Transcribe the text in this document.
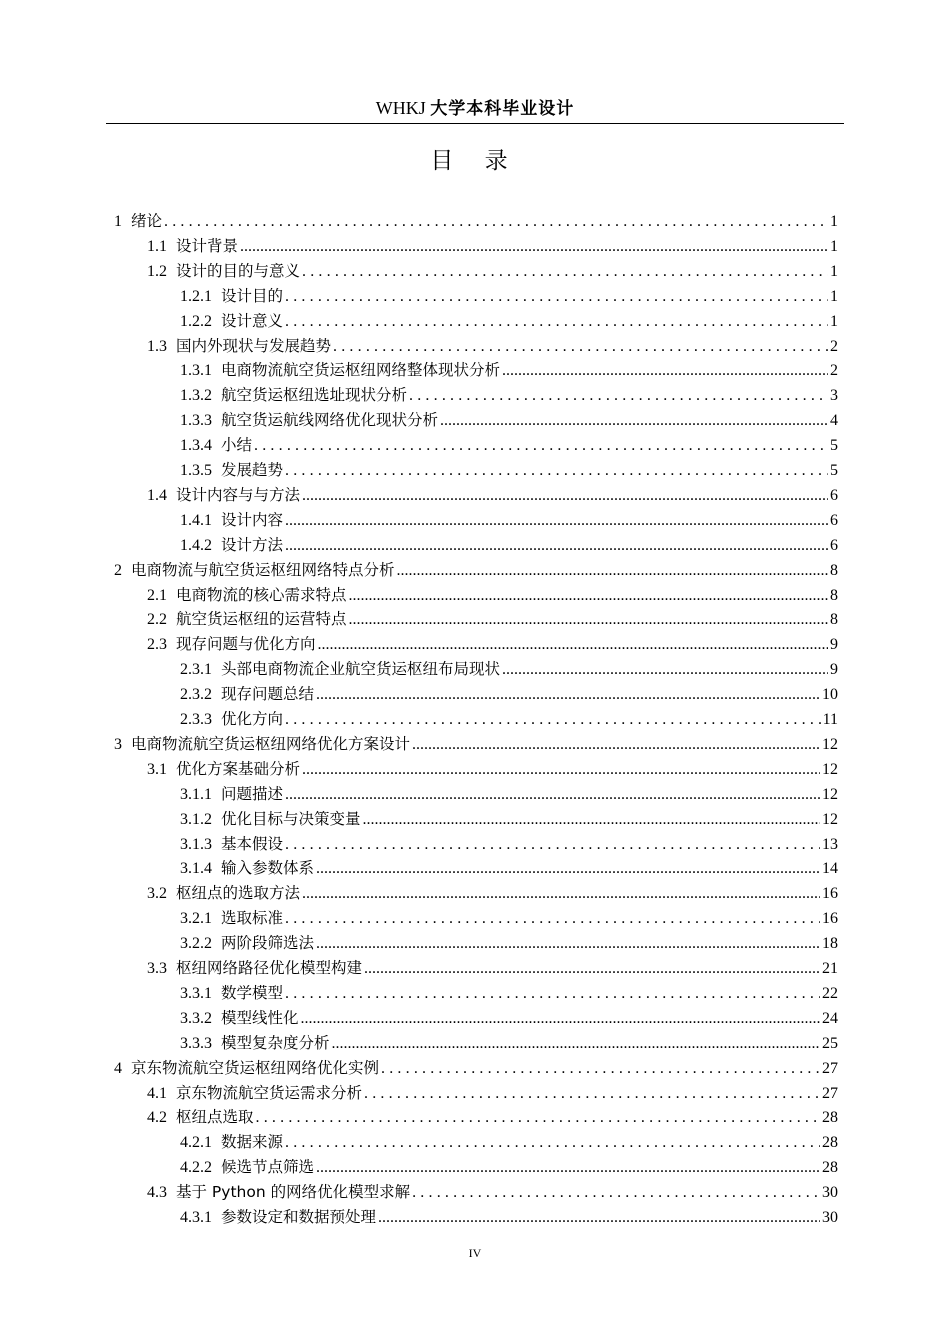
WHKJ 大学本科毕业设计
目 录
1 绪论 .....	1
1.1 设计背景 .....	1
1.2 设计的目的与意义 .....	1
1.2.1 设计目的 .....	1
1.2.2 设计意义 .....	1
1.3 国内外现状与发展趋势 .....	2
1.3.1 电商物流航空货运枢纽网络整体现状分析 .....	2
1.3.2 航空货运枢纽选址现状分析 .....	3
1.3.3 航空货运航线网络优化现状分析 .....	4
1.3.4 小结 .....	5
1.3.5 发展趋势 .....	5
1.4 设计内容与与方法 .....	6
1.4.1 设计内容 .....	6
1.4.2 设计方法 .....	6
2 电商物流与航空货运枢纽网络特点分析 .....	8
2.1 电商物流的核心需求特点 .....	8
2.2 航空货运枢纽的运营特点 .....	8
2.3 现存问题与优化方向 .....	9
2.3.1 头部电商物流企业航空货运枢纽布局现状 .....	9
2.3.2 现存问题总结 .....	10
2.3.3 优化方向 .....	11
3 电商物流航空货运枢纽网络优化方案设计 .....	12
3.1 优化方案基础分析 .....	12
3.1.1 问题描述 .....	12
3.1.2 优化目标与决策变量 .....	12
3.1.3 基本假设 .....	13
3.1.4 输入参数体系 .....	14
3.2 枢纽点的选取方法 .....	16
3.2.1 选取标准 .....	16
3.2.2 两阶段筛选法 .....	18
3.3 枢纽网络路径优化模型构建 .....	21
3.3.1 数学模型 .....	22
3.3.2 模型线性化 .....	24
3.3.3 模型复杂度分析 .....	25
4 京东物流航空货运枢纽网络优化实例 .....	27
4.1 京东物流航空货运需求分析 .....	27
4.2 枢纽点选取 .....	28
4.2.1 数据来源 .....	28
4.2.2 候选节点筛选 .....	28
4.3 基于 Python 的网络优化模型求解 .....	30
4.3.1 参数设定和数据预处理 .....	30
IV
